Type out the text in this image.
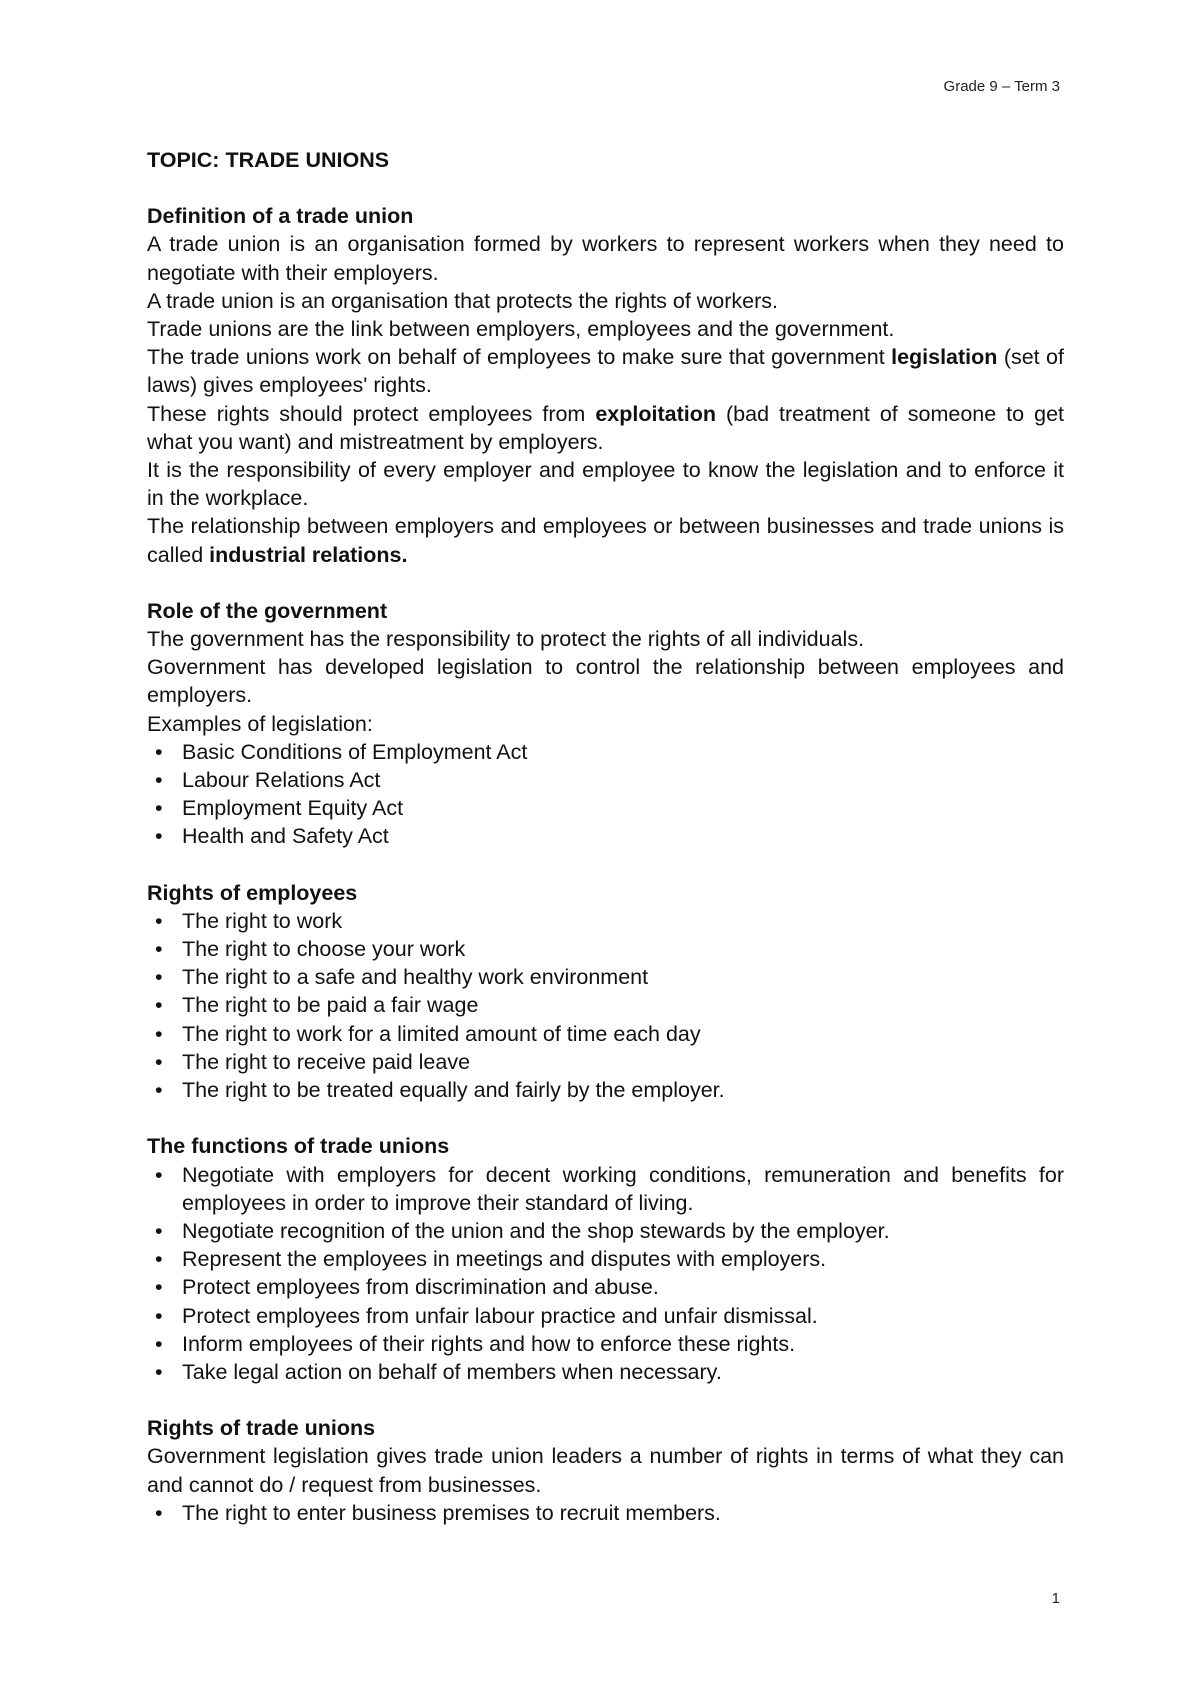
Grade 9 – Term 3
TOPIC: TRADE UNIONS
Definition of a trade union

A trade union is an organisation formed by workers to represent workers when they need to negotiate with their employers.

A trade union is an organisation that protects the rights of workers.

Trade unions are the link between employers, employees and the government.

The trade unions work on behalf of employees to make sure that government legislation (set of laws) gives employees' rights.

These rights should protect employees from exploitation (bad treatment of someone to get what you want) and mistreatment by employers.

It is the responsibility of every employer and employee to know the legislation and to enforce it in the workplace.

The relationship between employers and employees or between businesses and trade unions is called industrial relations.

Role of the government

The government has the responsibility to protect the rights of all individuals.

Government has developed legislation to control the relationship between employees and employers.

Examples of legislation:

• Basic Conditions of Employment Act
• Labour Relations Act
• Employment Equity Act
• Health and Safety Act
Rights of employees
• The right to work
• The right to choose your work
• The right to a safe and healthy work environment
• The right to be paid a fair wage
• The right to work for a limited amount of time each day
• The right to receive paid leave
• The right to be treated equally and fairly by the employer.
The functions of trade unions
• Negotiate with employers for decent working conditions, remuneration and benefits for employees in order to improve their standard of living.
• Negotiate recognition of the union and the shop stewards by the employer.
• Represent the employees in meetings and disputes with employers.
• Protect employees from discrimination and abuse.
• Protect employees from unfair labour practice and unfair dismissal.
• Inform employees of their rights and how to enforce these rights.
• Take legal action on behalf of members when necessary.
Rights of trade unions

Government legislation gives trade union leaders a number of rights in terms of what they can and cannot do / request from businesses.

• The right to enter business premises to recruit members.
1
